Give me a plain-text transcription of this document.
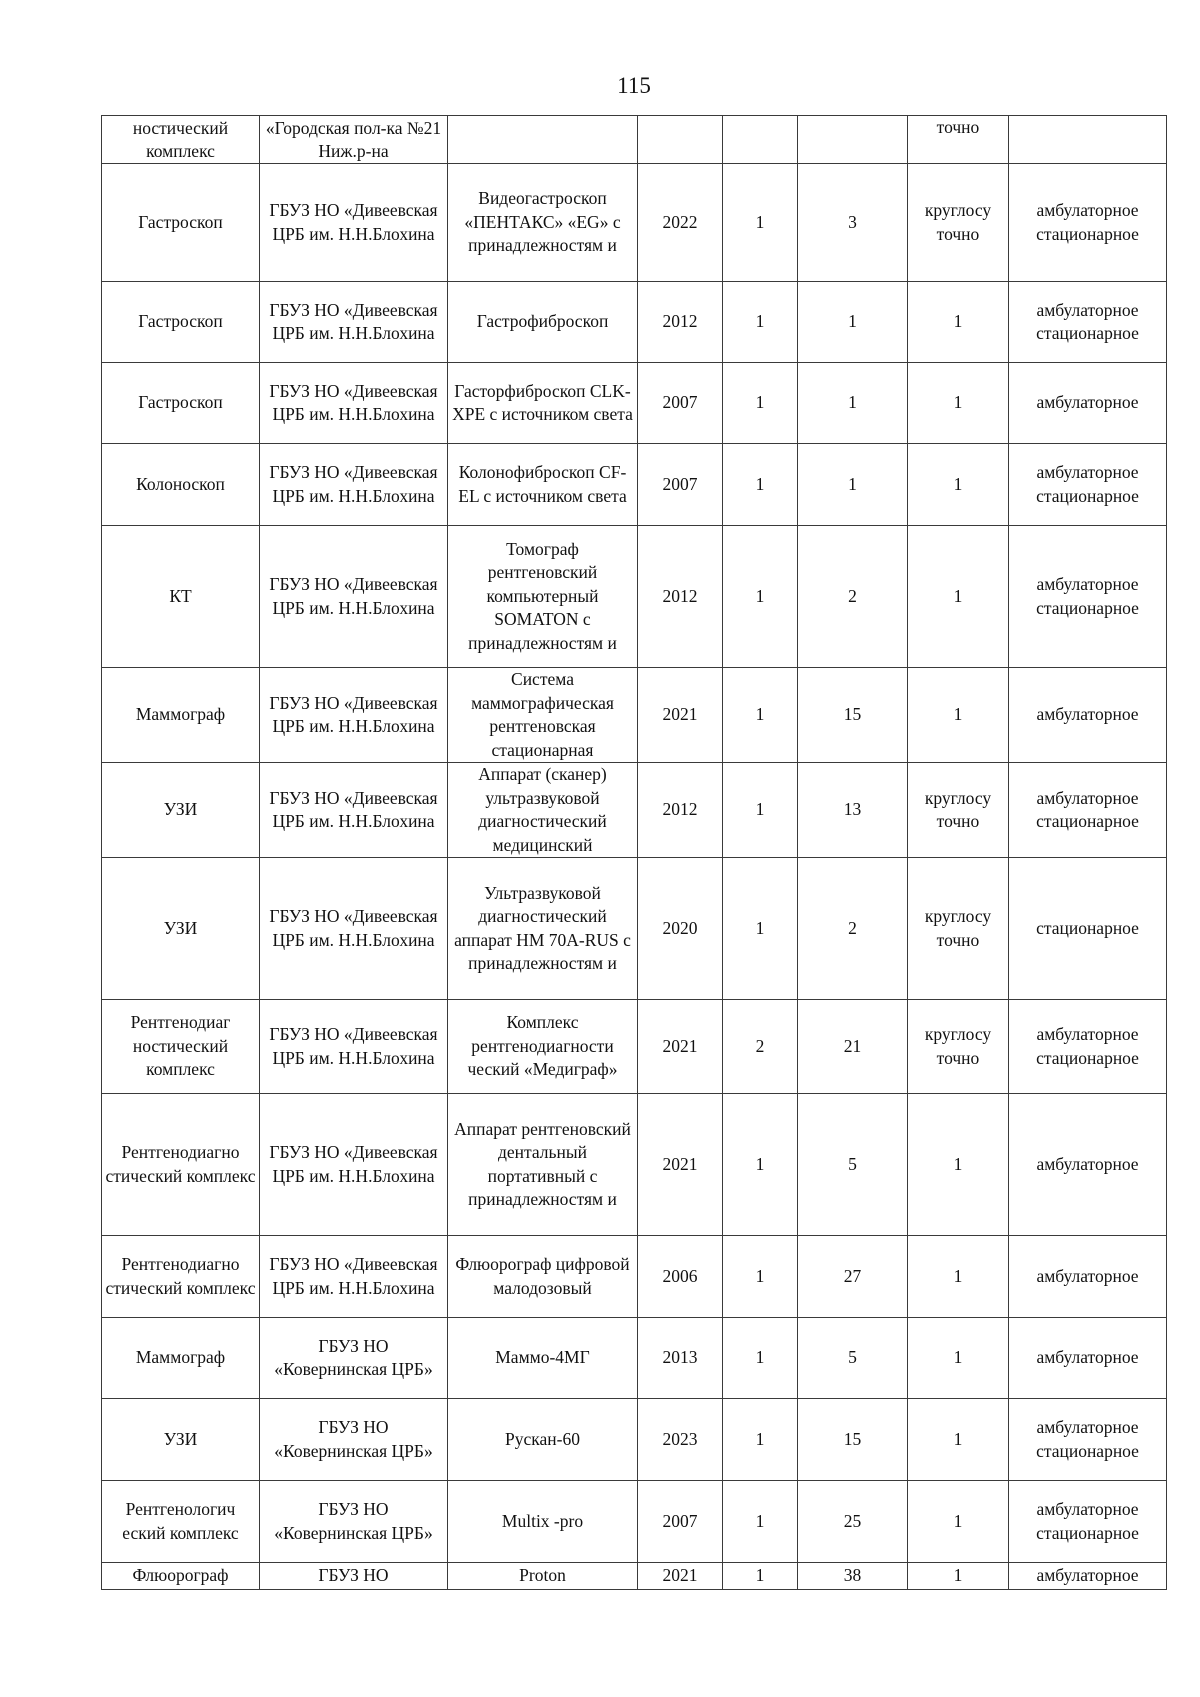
115
ностический комплекс	«Городская пол-ка №21 Ниж.р-на					точно	
Гастроскоп	ГБУЗ НО «Дивеевская ЦРБ им. Н.Н.Блохина	Видеогастроскоп «ПЕНТАКС» «EG» с принадлежностям и	2022	1	3	круглосу точно	амбулаторное стационарное
Гастроскоп	ГБУЗ НО «Дивеевская ЦРБ им. Н.Н.Блохина	Гастрофиброскоп	2012	1	1	1	амбулаторное стационарное
Гастроскоп	ГБУЗ НО «Дивеевская ЦРБ им. Н.Н.Блохина	Гасторфиброскоп CLK-XPE с источником света	2007	1	1	1	амбулаторное
Колоноскоп	ГБУЗ НО «Дивеевская ЦРБ им. Н.Н.Блохина	Колонофиброскоп CF-EL с источником света	2007	1	1	1	амбулаторное стационарное
КТ	ГБУЗ НО «Дивеевская ЦРБ им. Н.Н.Блохина	Томограф рентгеновский компьютерный SOMATON с принадлежностям и	2012	1	2	1	амбулаторное стационарное
Маммограф	ГБУЗ НО «Дивеевская ЦРБ им. Н.Н.Блохина	Система маммографическая рентгеновская стационарная	2021	1	15	1	амбулаторное
УЗИ	ГБУЗ НО «Дивеевская ЦРБ им. Н.Н.Блохина	Аппарат (сканер) ультразвуковой диагностический медицинский	2012	1	13	круглосу точно	амбулаторное стационарное
УЗИ	ГБУЗ НО «Дивеевская ЦРБ им. Н.Н.Блохина	Ультразвуковой диагностический аппарат HM 70A-RUS с принадлежностям и	2020	1	2	круглосу точно	стационарное
Рентгенодиаг ностический комплекс	ГБУЗ НО «Дивеевская ЦРБ им. Н.Н.Блохина	Комплекс рентгенодиагности ческий «Медиграф»	2021	2	21	круглосу точно	амбулаторное стационарное
Рентгенодиагно стический комплекс	ГБУЗ НО «Дивеевская ЦРБ им. Н.Н.Блохина	Аппарат рентгеновский дентальный портативный с принадлежностям и	2021	1	5	1	амбулаторное
Рентгенодиагно стический комплекс	ГБУЗ НО «Дивеевская ЦРБ им. Н.Н.Блохина	Флюорограф цифровой малодозовый	2006	1	27	1	амбулаторное
Маммограф	ГБУЗ НО «Ковернинская ЦРБ»	Маммо-4МГ	2013	1	5	1	амбулаторное
УЗИ	ГБУЗ НО «Ковернинская ЦРБ»	Рускан-60	2023	1	15	1	амбулаторное стационарное
Рентгенологич еский комплекс	ГБУЗ НО «Ковернинская ЦРБ»	Multix -pro	2007	1	25	1	амбулаторное стационарное
Флюорограф	ГБУЗ НО	Proton	2021	1	38	1	амбулаторное
